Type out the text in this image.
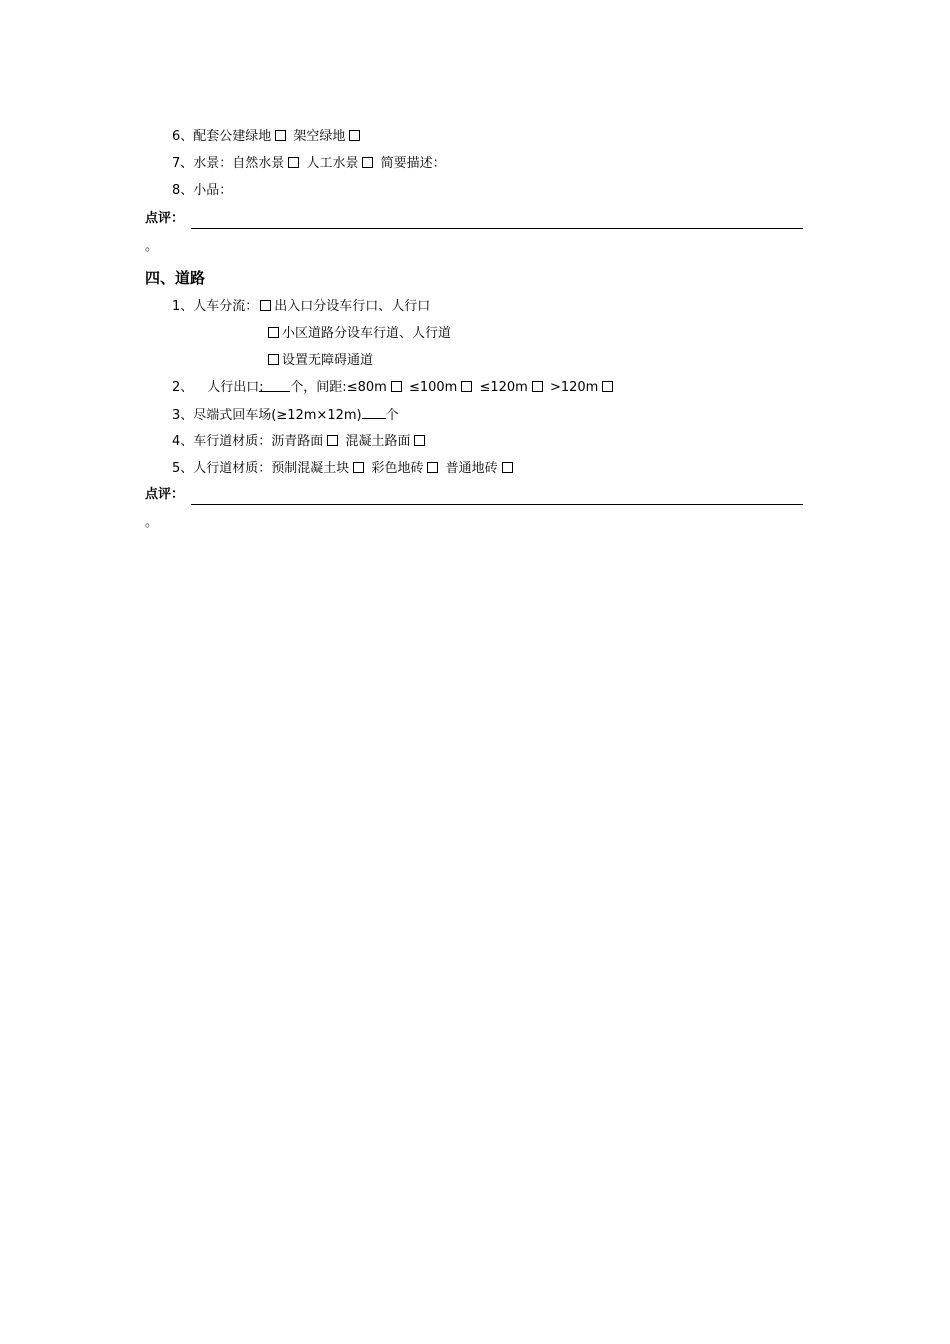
6、配套公建绿地 架空绿地
7、水景：自然水景 人工水景 简要描述：
8、小品：
点评：
。
四、道路
1、人车分流： 出入口分设车行口、人行口
小区道路分设车行道、人行道
设置无障碍通道
2、 人行出口: 个，间距:≤80m ≤100m ≤120m >120m
3、尽端式回车场(≥12m×12m) 个
4、车行道材质：沥青路面 混凝土路面
5、人行道材质：预制混凝土块 彩色地砖 普通地砖
点评：
。
